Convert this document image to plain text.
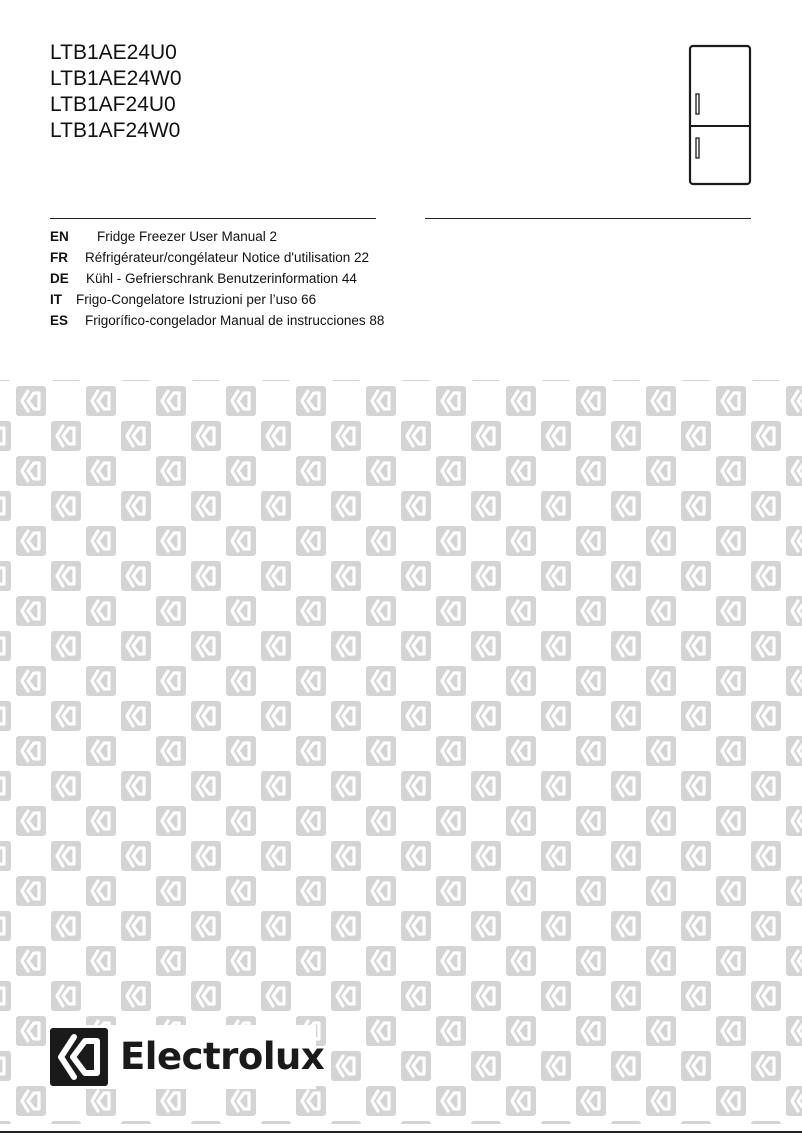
LTB1AE24U0
LTB1AE24W0
LTB1AF24U0
LTB1AF24W0
EN Fridge Freezer User Manual 2
FR Réfrigérateur/congélateur Notice d'utilisation 22
DE Kühl - Gefrierschrank Benutzerinformation 44
IT Frigo-Congelatore Istruzioni per l’uso 66
ES Frigorífico-congelador Manual de instrucciones 88
Electrolux
